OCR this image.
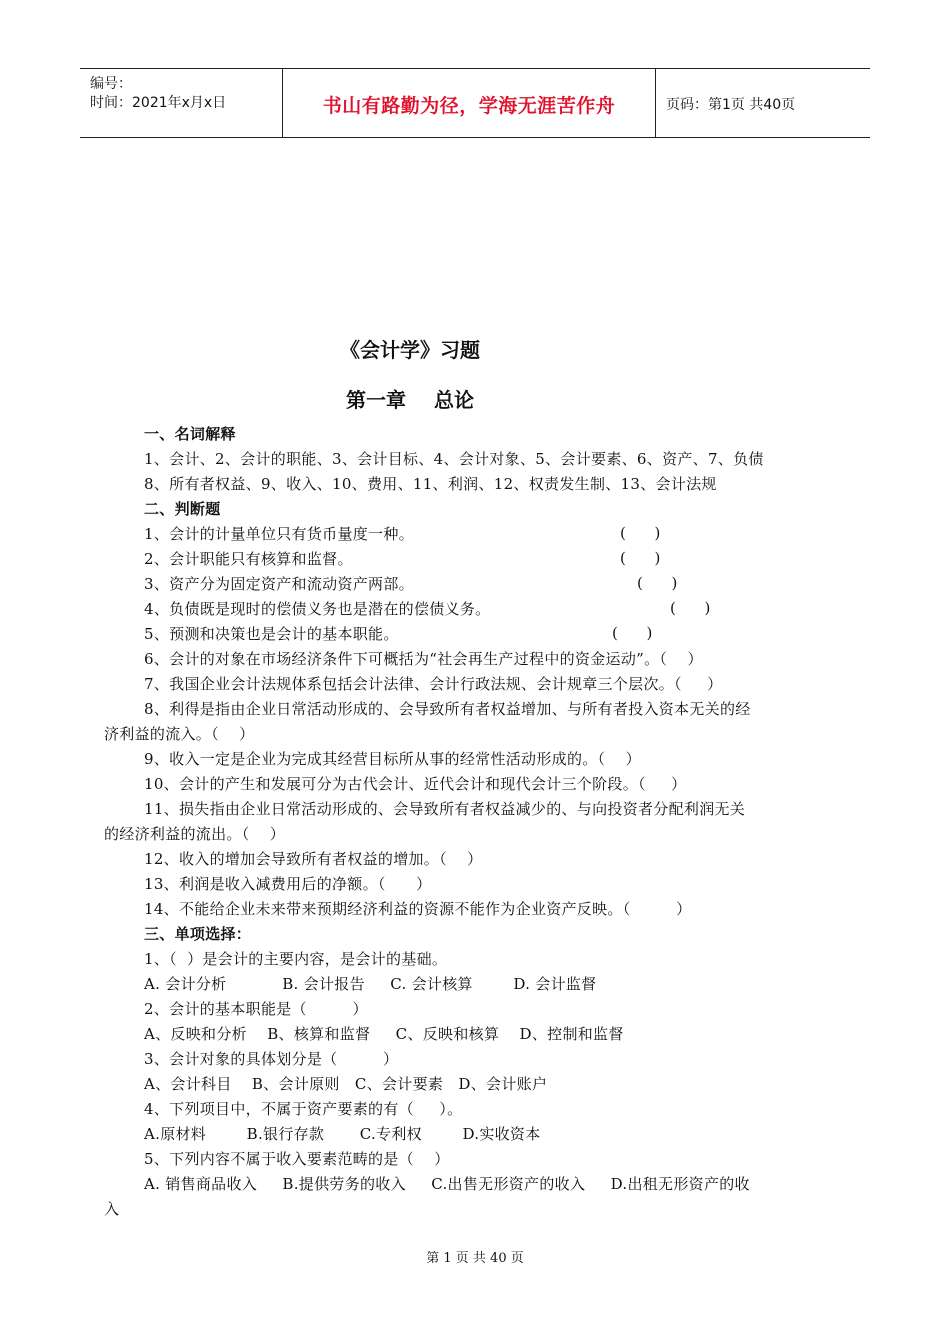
编号：
时间：2021年x月x日	书山有路勤为径，学海无涯苦作舟	页码：第1页 共40页
《会计学》习题
第一章 总论
一、名词解释
1、会计、2、会计的职能、3、会计目标、4、会计对象、5、会计要素、6、资产、7、负债
8、所有者权益、9、收入、10、费用、11、利润、12、权责发生制、13、会计法规
二、判断题
1、会计的计量单位只有货币量度一种。	(      )
2、会计职能只有核算和监督。	(      )
3、资产分为固定资产和流动资产两部。	(      )
4、负债既是现时的偿债义务也是潜在的偿债义务。	(      )
5、预测和决策也是会计的基本职能。	(      )
6、会计的对象在市场经济条件下可概括为“社会再生产过程中的资金运动”。（    ）
7、我国企业会计法规体系包括会计法律、会计行政法规、会计规章三个层次。（     ）
8、利得是指由企业日常活动形成的、会导致所有者权益增加、与所有者投入资本无关的经
济利益的流入。（    ）
9、收入一定是企业为完成其经营目标所从事的经常性活动形成的。（    ）
10、会计的产生和发展可分为古代会计、近代会计和现代会计三个阶段。（     ）
11、损失指由企业日常活动形成的、会导致所有者权益减少的、与向投资者分配利润无关
的经济利益的流出。（    ）
12、收入的增加会导致所有者权益的增加。（    ）
13、利润是收入减费用后的净额。（      ）
14、不能给企业未来带来预期经济利益的资源不能作为企业资产反映。（         ）
三、单项选择：
1、（  ）是会计的主要内容，是会计的基础。
A. 会计分析           B. 会计报告     C. 会计核算        D. 会计监督
2、会计的基本职能是（         ）
A、反映和分析    B、核算和监督     C、反映和核算    D、控制和监督
3、会计对象的具体划分是（         ）
A、会计科目    B、会计原则   C、会计要素   D、会计账户
4、下列项目中，不属于资产要素的有（     ）。
A.原材料        B.银行存款       C.专利权        D.实收资本
5、下列内容不属于收入要素范畴的是（    ）
A. 销售商品收入     B.提供劳务的收入     C.出售无形资产的收入     D.出租无形资产的收
入
第 1 页 共 40 页
